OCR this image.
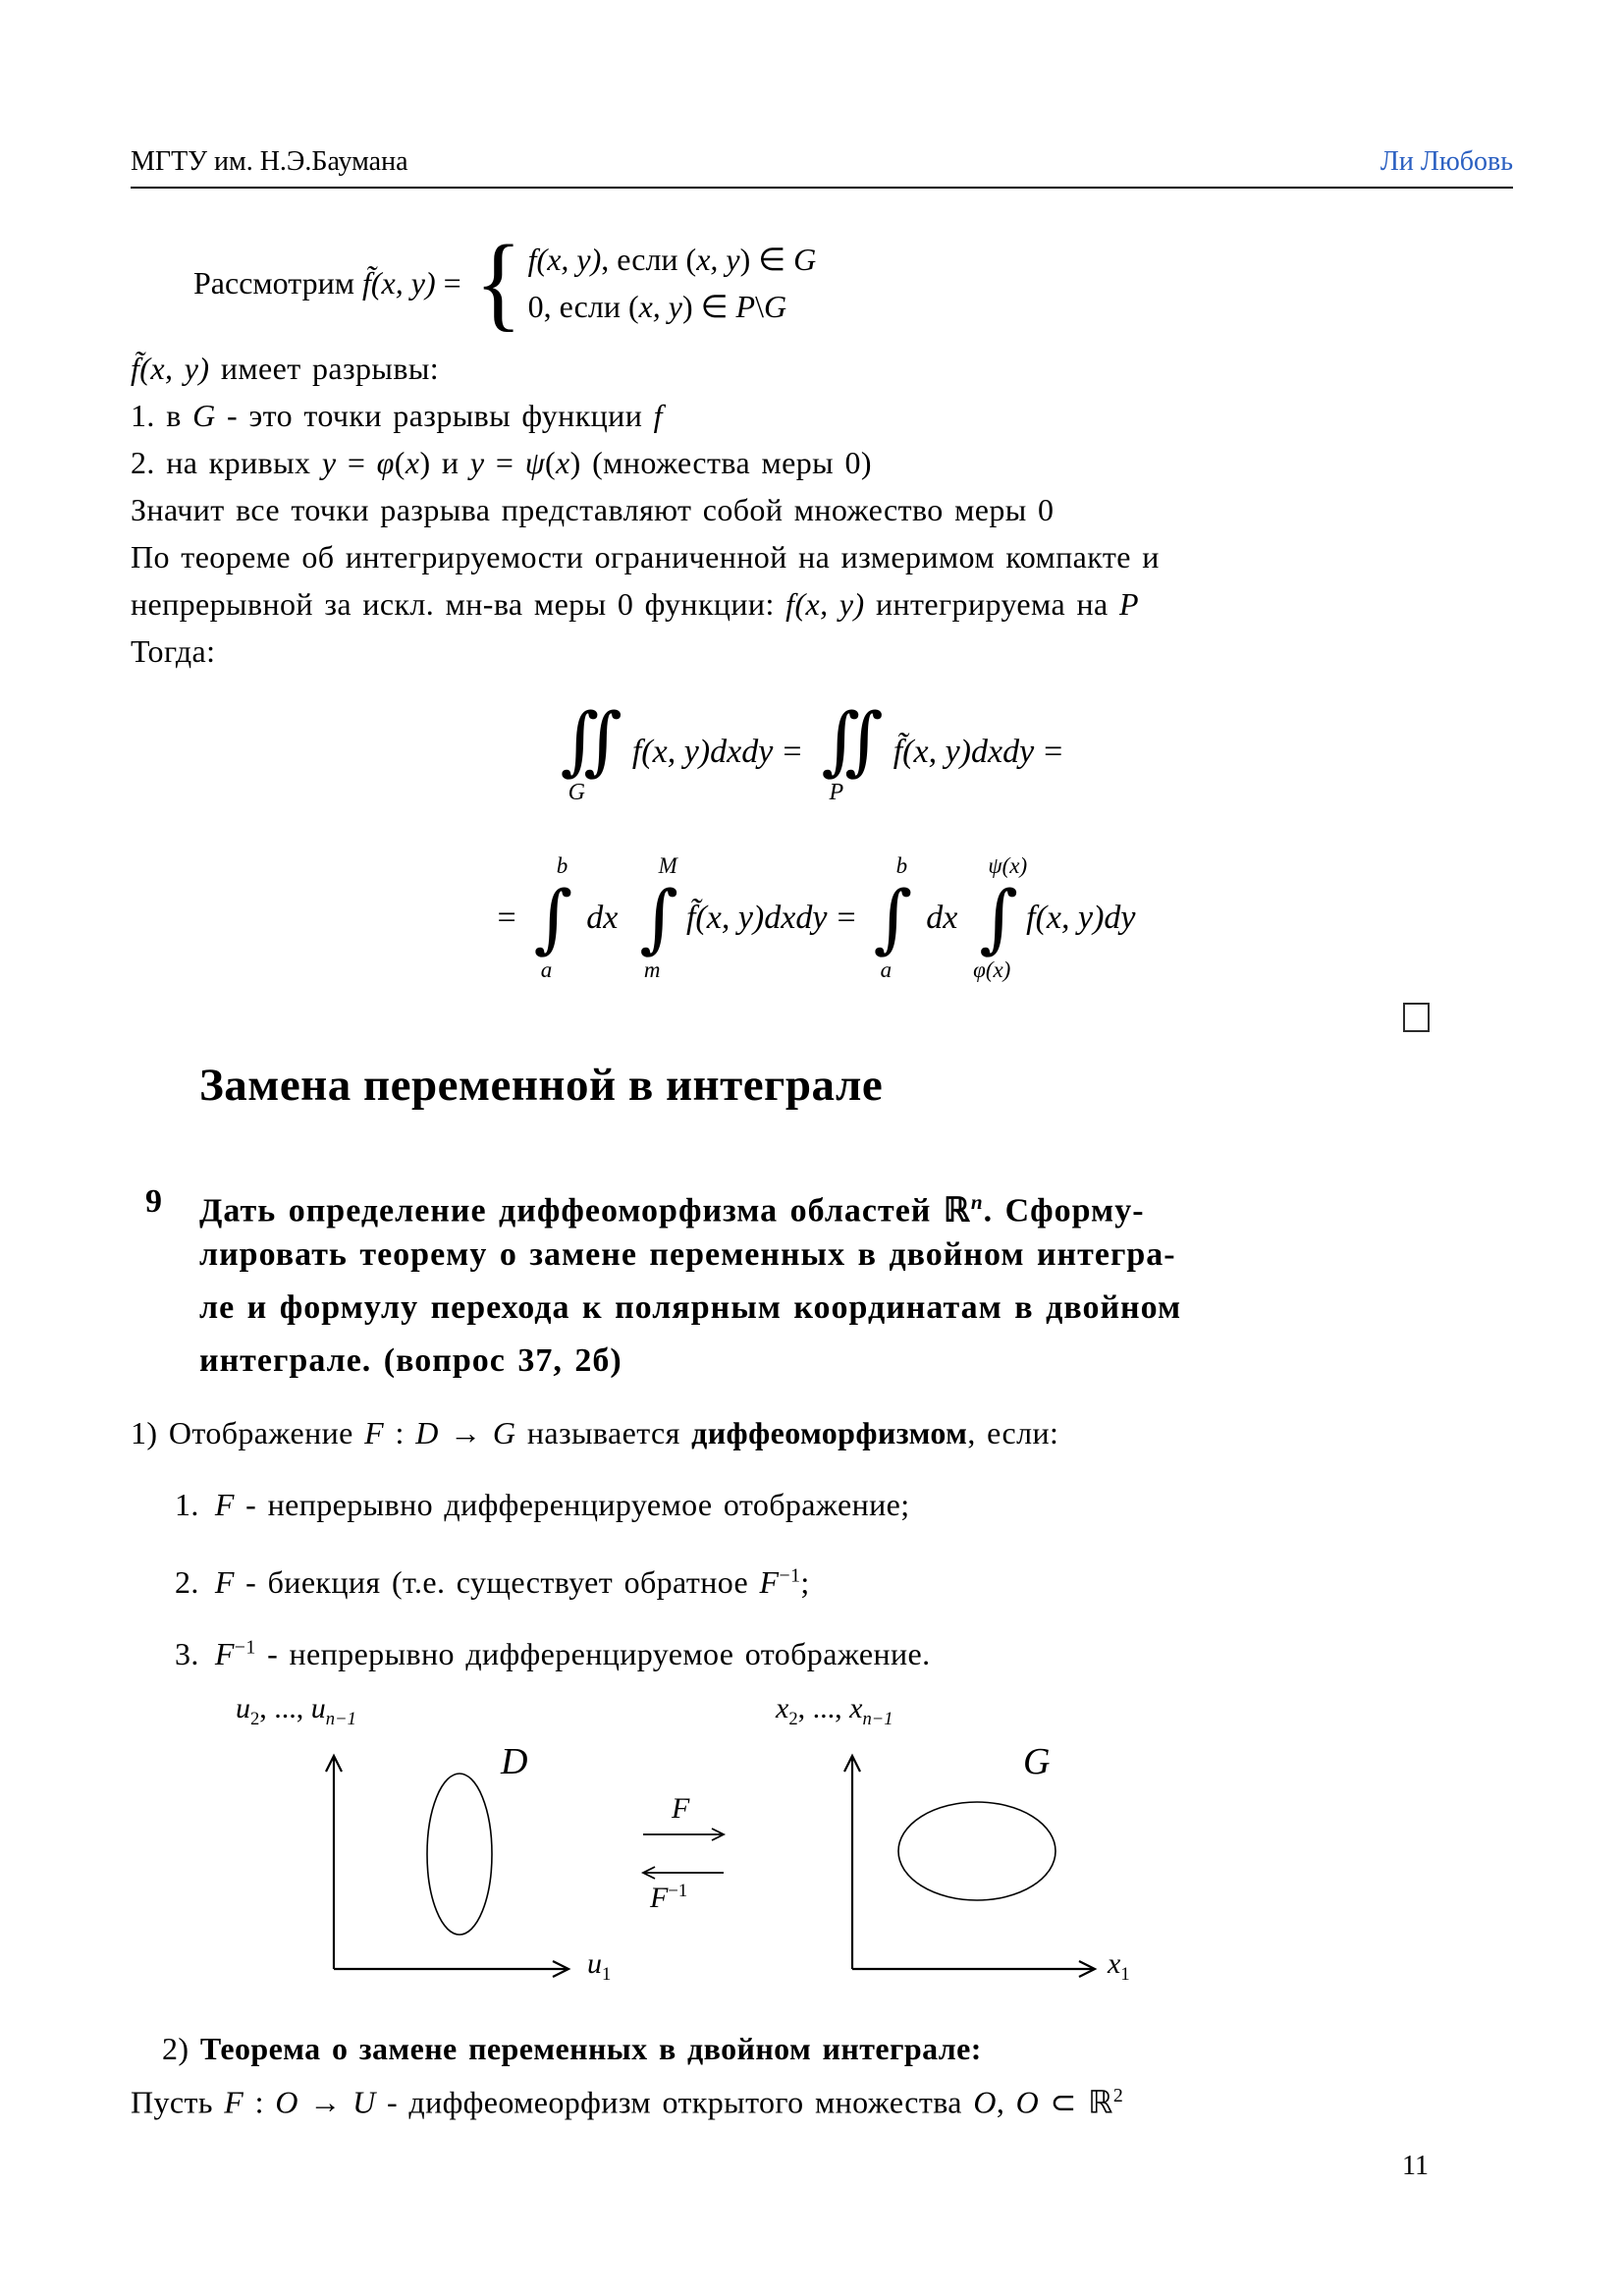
МГТУ им. Н.Э.Баумана	Ли Любовь
Рассмотрим f̃(x, y) = { f(x, y), если (x, y) ∈ G
0, если (x, y) ∈ P\G
f̃(x, y) имеет разрывы:
1. в G - это точки разрывы функции f
2. на кривых y = φ(x) и y = ψ(x) (множества меры 0)
Значит все точки разрыва представляют собой множество меры 0
По теореме об интегрируемости ограниченной на измеримом компакте и
непрерывной за искл. мн-ва меры 0 функции: f(x, y) интегрируема на P
Тогда:
∫∫
G
f(x, y)dxdy = ∫∫
P
f̃(x, y)dxdy =
=
b
∫
a
dx
M
∫
m
f̃(x, y)dxdy =
b
∫
a
dx
ψ(x)
∫
φ(x)
f(x, y)dy
Замена переменной в интеграле
9 Дать определение диффеоморфизма областей ℝ$^n$. Сформу-
лировать теорему о замене переменных в двойном интегра-
ле и формулу перехода к полярным координатам в двойном
интеграле. (вопрос 37, 2б)
1) Отображение F : D → G называется диффеоморфизмом, если:
1. F - непрерывно дифференцируемое отображение;
2. F - биекция (т.е. существует обратное $F^{-1}$;
3. $F^{-1}$ - непрерывно дифференцируемое отображение.
$u_2$, ..., $u_{n-1}$
D
F
$F^{-1}$
$u_1$
$x_2$, ..., $x_{n-1}$
G
$x_1$
2) Теорема о замене переменных в двойном интеграле:
Пусть F : O → U - диффеомеорфизм открытого множества O, O ⊂ ℝ$^2$
11
